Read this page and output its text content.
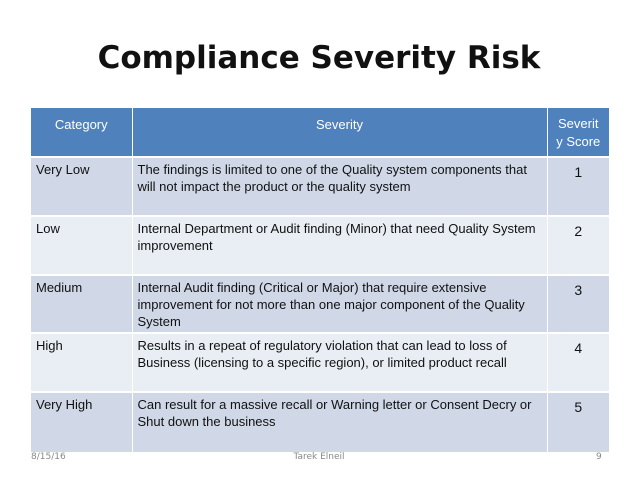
Compliance Severity Risk
Category	Severity	Severit
y Score

Very Low	The findings is limited to one of the Quality system components that will not impact the product or the quality system	1
Low	Internal Department or Audit finding (Minor) that need Quality System improvement	2
Medium	Internal Audit finding (Critical or Major) that require extensive improvement for not more than one major component of the Quality System	3
High	Results in a repeat of regulatory violation that can lead to loss of Business (licensing to a specific region), or limited product recall	4
Very High	Can result for a massive recall or Warning letter or Consent Decry or Shut down the business	5
8/15/16	Tarek Elneil	9
